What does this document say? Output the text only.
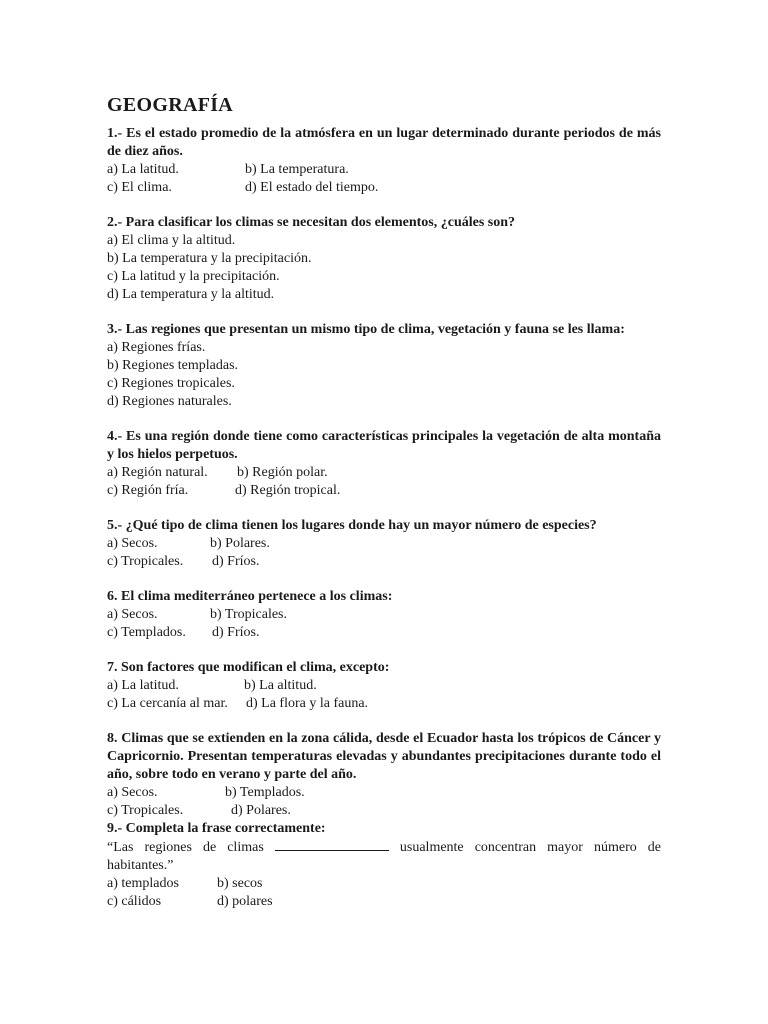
GEOGRAFÍA
1.- Es el estado promedio de la atmósfera en un lugar determinado durante periodos de más de diez años.
a) La latitud.	b) La temperatura.
c) El clima.	d) El estado del tiempo.
2.- Para clasificar los climas se necesitan dos elementos, ¿cuáles son?
a) El clima y la altitud.
b) La temperatura y la precipitación.
c) La latitud y la precipitación.
d) La temperatura y la altitud.
3.- Las regiones que presentan un mismo tipo de clima, vegetación y fauna se les llama:
a) Regiones frías.
b) Regiones templadas.
c) Regiones tropicales.
d) Regiones naturales.
4.- Es una región donde tiene como características principales la vegetación de alta montaña y los hielos perpetuos.
a) Región natural. b) Región polar.
c) Región fría.	d) Región tropical.
5.- ¿Qué tipo de clima tienen los lugares donde hay un mayor número de especies?
a) Secos.	b) Polares.
c) Tropicales. d) Fríos.
6. El clima mediterráneo pertenece a los climas:
a) Secos.	b) Tropicales.
c) Templados. d) Fríos.
7. Son factores que modifican el clima, excepto:
a) La latitud.	b) La altitud.
c) La cercanía al mar. d) La flora y la fauna.
8. Climas que se extienden en la zona cálida, desde el Ecuador hasta los trópicos de Cáncer y Capricornio. Presentan temperaturas elevadas y abundantes precipitaciones durante todo el año, sobre todo en verano y parte del año.
a) Secos.	b) Templados.
c) Tropicales.	d) Polares.
9.- Completa la frase correctamente:
“Las regiones de climas	usualmente concentran mayor número de habitantes.”
a) templados	b) secos
c) cálidos	d) polares
